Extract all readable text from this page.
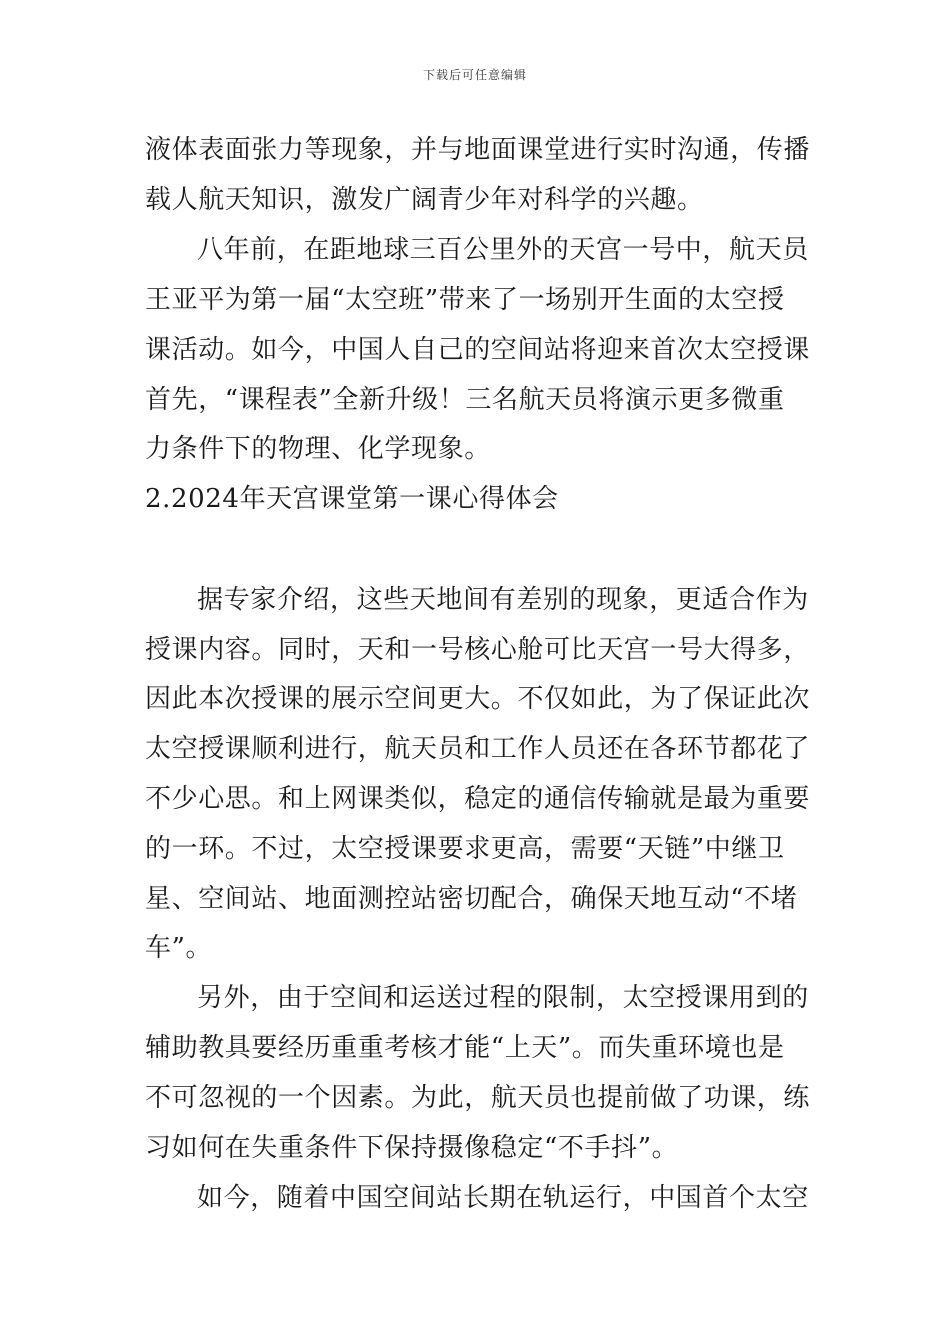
下载后可任意编辑
液体表面张力等现象，并与地面课堂进行实时沟通，传播
载人航天知识，激发广阔青少年对科学的兴趣。
八年前，在距地球三百公里外的天宫一号中，航天员
王亚平为第一届“太空班”带来了一场别开生面的太空授
课活动。如今，中国人自己的空间站将迎来首次太空授课
首先，“课程表”全新升级！三名航天员将演示更多微重
力条件下的物理、化学现象。
2.2024年天宫课堂第一课心得体会
据专家介绍，这些天地间有差别的现象，更适合作为
授课内容。同时，天和一号核心舱可比天宫一号大得多，
因此本次授课的展示空间更大。不仅如此，为了保证此次
太空授课顺利进行，航天员和工作人员还在各环节都花了
不少心思。和上网课类似，稳定的通信传输就是最为重要
的一环。不过，太空授课要求更高，需要“天链”中继卫
星、空间站、地面测控站密切配合，确保天地互动“不堵
车”。
另外，由于空间和运送过程的限制，太空授课用到的
辅助教具要经历重重考核才能“上天”。而失重环境也是
不可忽视的一个因素。为此，航天员也提前做了功课，练
习如何在失重条件下保持摄像稳定“不手抖”。
如今，随着中国空间站长期在轨运行，中国首个太空
